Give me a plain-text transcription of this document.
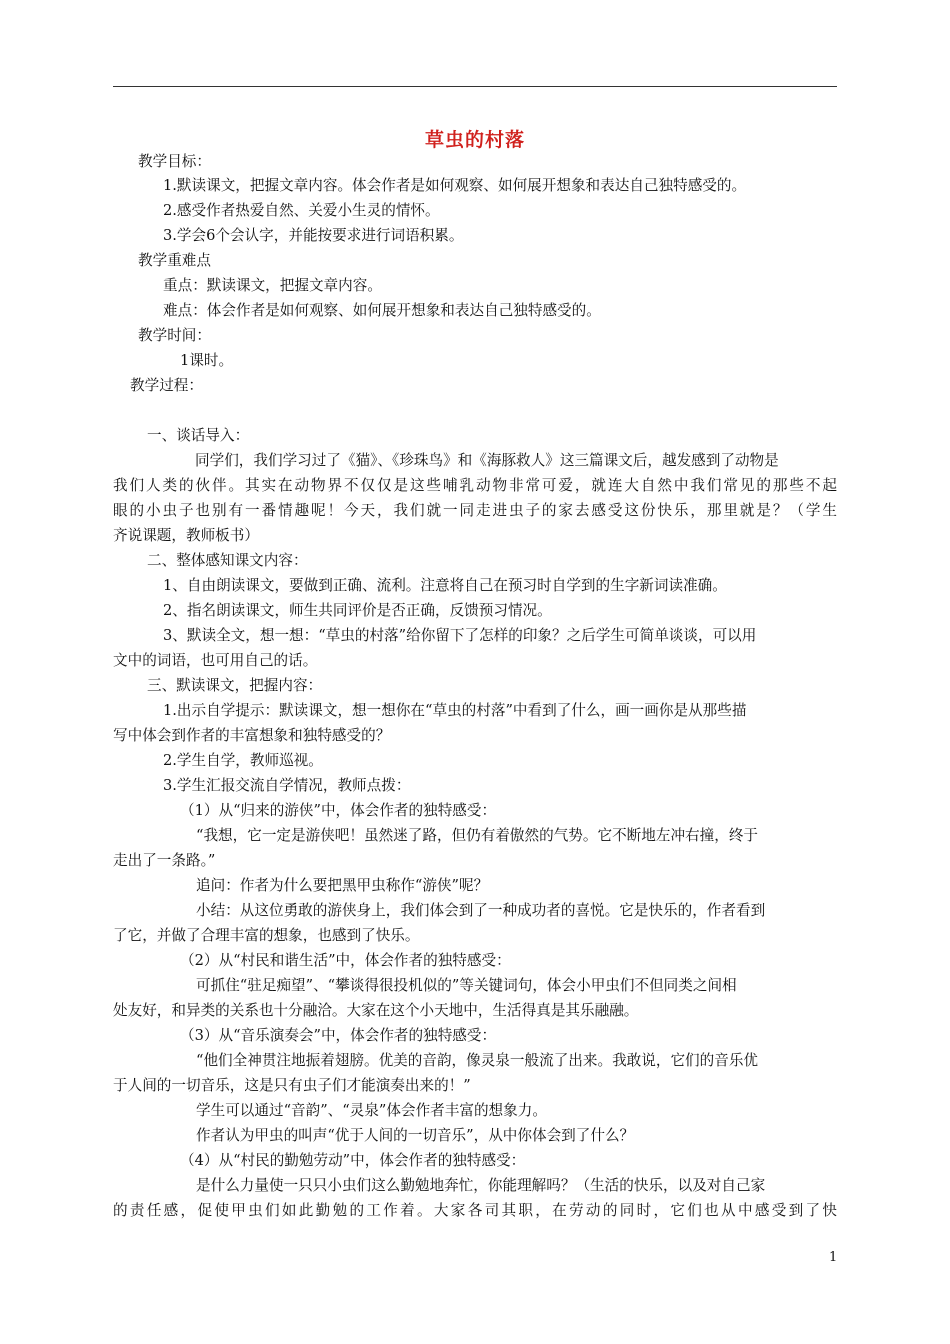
草虫的村落
教学目标：
1.默读课文，把握文章内容。体会作者是如何观察、如何展开想象和表达自己独特感受的。
2.感受作者热爱自然、关爱小生灵的情怀。
3.学会6个会认字，并能按要求进行词语积累。
教学重难点
重点：默读课文，把握文章内容。
难点：体会作者是如何观察、如何展开想象和表达自己独特感受的。
教学时间：
1课时。
教学过程：
一、谈话导入：
同学们，我们学习过了《猫》、《珍珠鸟》和《海豚救人》这三篇课文后，越发感到了动物是
我们人类的伙伴。其实在动物界不仅仅是这些哺乳动物非常可爱，就连大自然中我们常见的那些不起
眼的小虫子也别有一番情趣呢！今天，我们就一同走进虫子的家去感受这份快乐，那里就是？（学生
齐说课题，教师板书）
二、整体感知课文内容：
1、自由朗读课文，要做到正确、流利。注意将自己在预习时自学到的生字新词读准确。
2、指名朗读课文，师生共同评价是否正确，反馈预习情况。
3、默读全文，想一想：“草虫的村落”给你留下了怎样的印象？之后学生可简单谈谈，可以用
文中的词语，也可用自己的话。
三、默读课文，把握内容：
1.出示自学提示：默读课文，想一想你在“草虫的村落”中看到了什么，画一画你是从那些描
写中体会到作者的丰富想象和独特感受的？
2.学生自学，教师巡视。
3.学生汇报交流自学情况，教师点拨：
（1）从“归来的游侠”中，体会作者的独特感受：
“我想，它一定是游侠吧！虽然迷了路，但仍有着傲然的气势。它不断地左冲右撞，终于
走出了一条路。”
追问：作者为什么要把黑甲虫称作“游侠”呢？
小结：从这位勇敢的游侠身上，我们体会到了一种成功者的喜悦。它是快乐的，作者看到
了它，并做了合理丰富的想象，也感到了快乐。
（2）从“村民和谐生活”中，体会作者的独特感受：
可抓住“驻足痴望”、“攀谈得很投机似的”等关键词句，体会小甲虫们不但同类之间相
处友好，和异类的关系也十分融洽。大家在这个小天地中，生活得真是其乐融融。
（3）从“音乐演奏会”中，体会作者的独特感受：
“他们全神贯注地振着翅膀。优美的音韵，像灵泉一般流了出来。我敢说，它们的音乐优
于人间的一切音乐，这是只有虫子们才能演奏出来的！”
学生可以通过“音韵”、“灵泉”体会作者丰富的想象力。
作者认为甲虫的叫声“优于人间的一切音乐”，从中你体会到了什么？
（4）从“村民的勤勉劳动”中，体会作者的独特感受：
是什么力量使一只只小虫们这么勤勉地奔忙，你能理解吗？（生活的快乐，以及对自己家
的责任感，促使甲虫们如此勤勉的工作着。大家各司其职，在劳动的同时，它们也从中感受到了快
1
